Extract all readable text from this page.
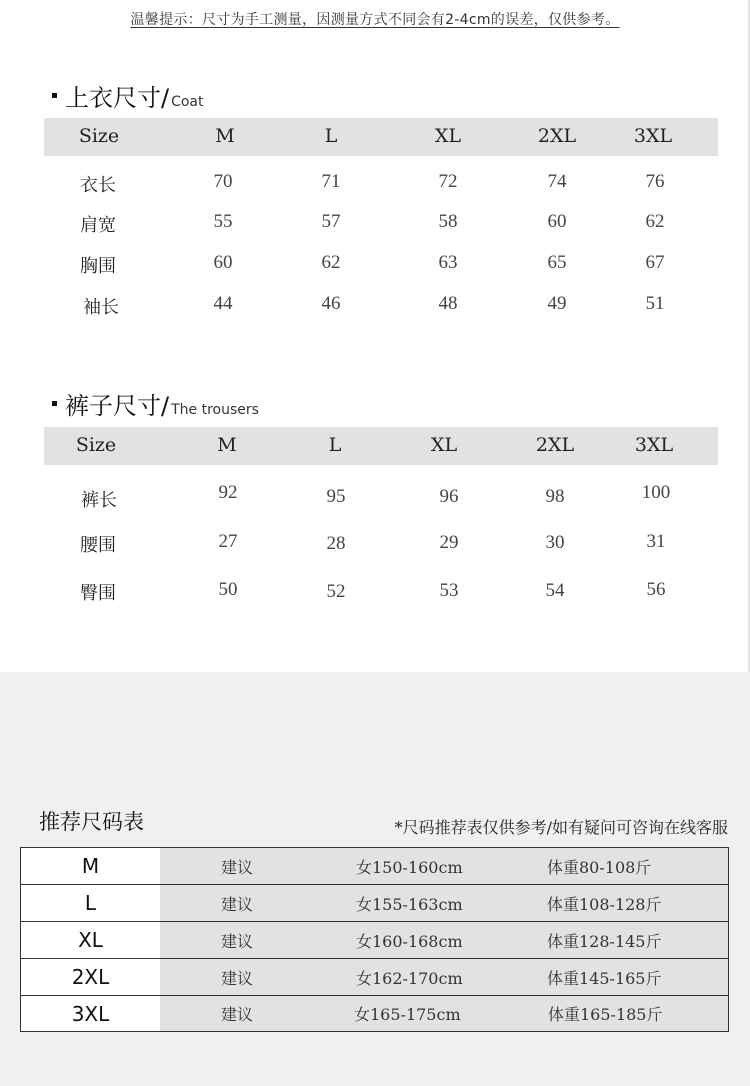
温馨提示：尺寸为手工测量，因测量方式不同会有2-4cm的误差，仅供参考。
上衣尺寸/ Coat
Size	M	L	XL	2XL	3XL
衣长	70	71	72	74	76
肩宽	55	57	58	60	62
胸围	60	62	63	65	67
袖长	44	46	48	49	51
裤子尺寸/ The trousers
Size	M	L	XL	2XL	3XL
裤长	92	95	96	98	100
腰围	27	28	29	30	31
臀围	50	52	53	54	56
推荐尺码表	*尺码推荐表仅供参考/如有疑问可咨询在线客服
M	建议	女150-160cm	体重80-108斤
L	建议	女155-163cm	体重108-128斤
XL	建议	女160-168cm	体重128-145斤
2XL	建议	女162-170cm	体重145-165斤
3XL	建议	女165-175cm	体重165-185斤
